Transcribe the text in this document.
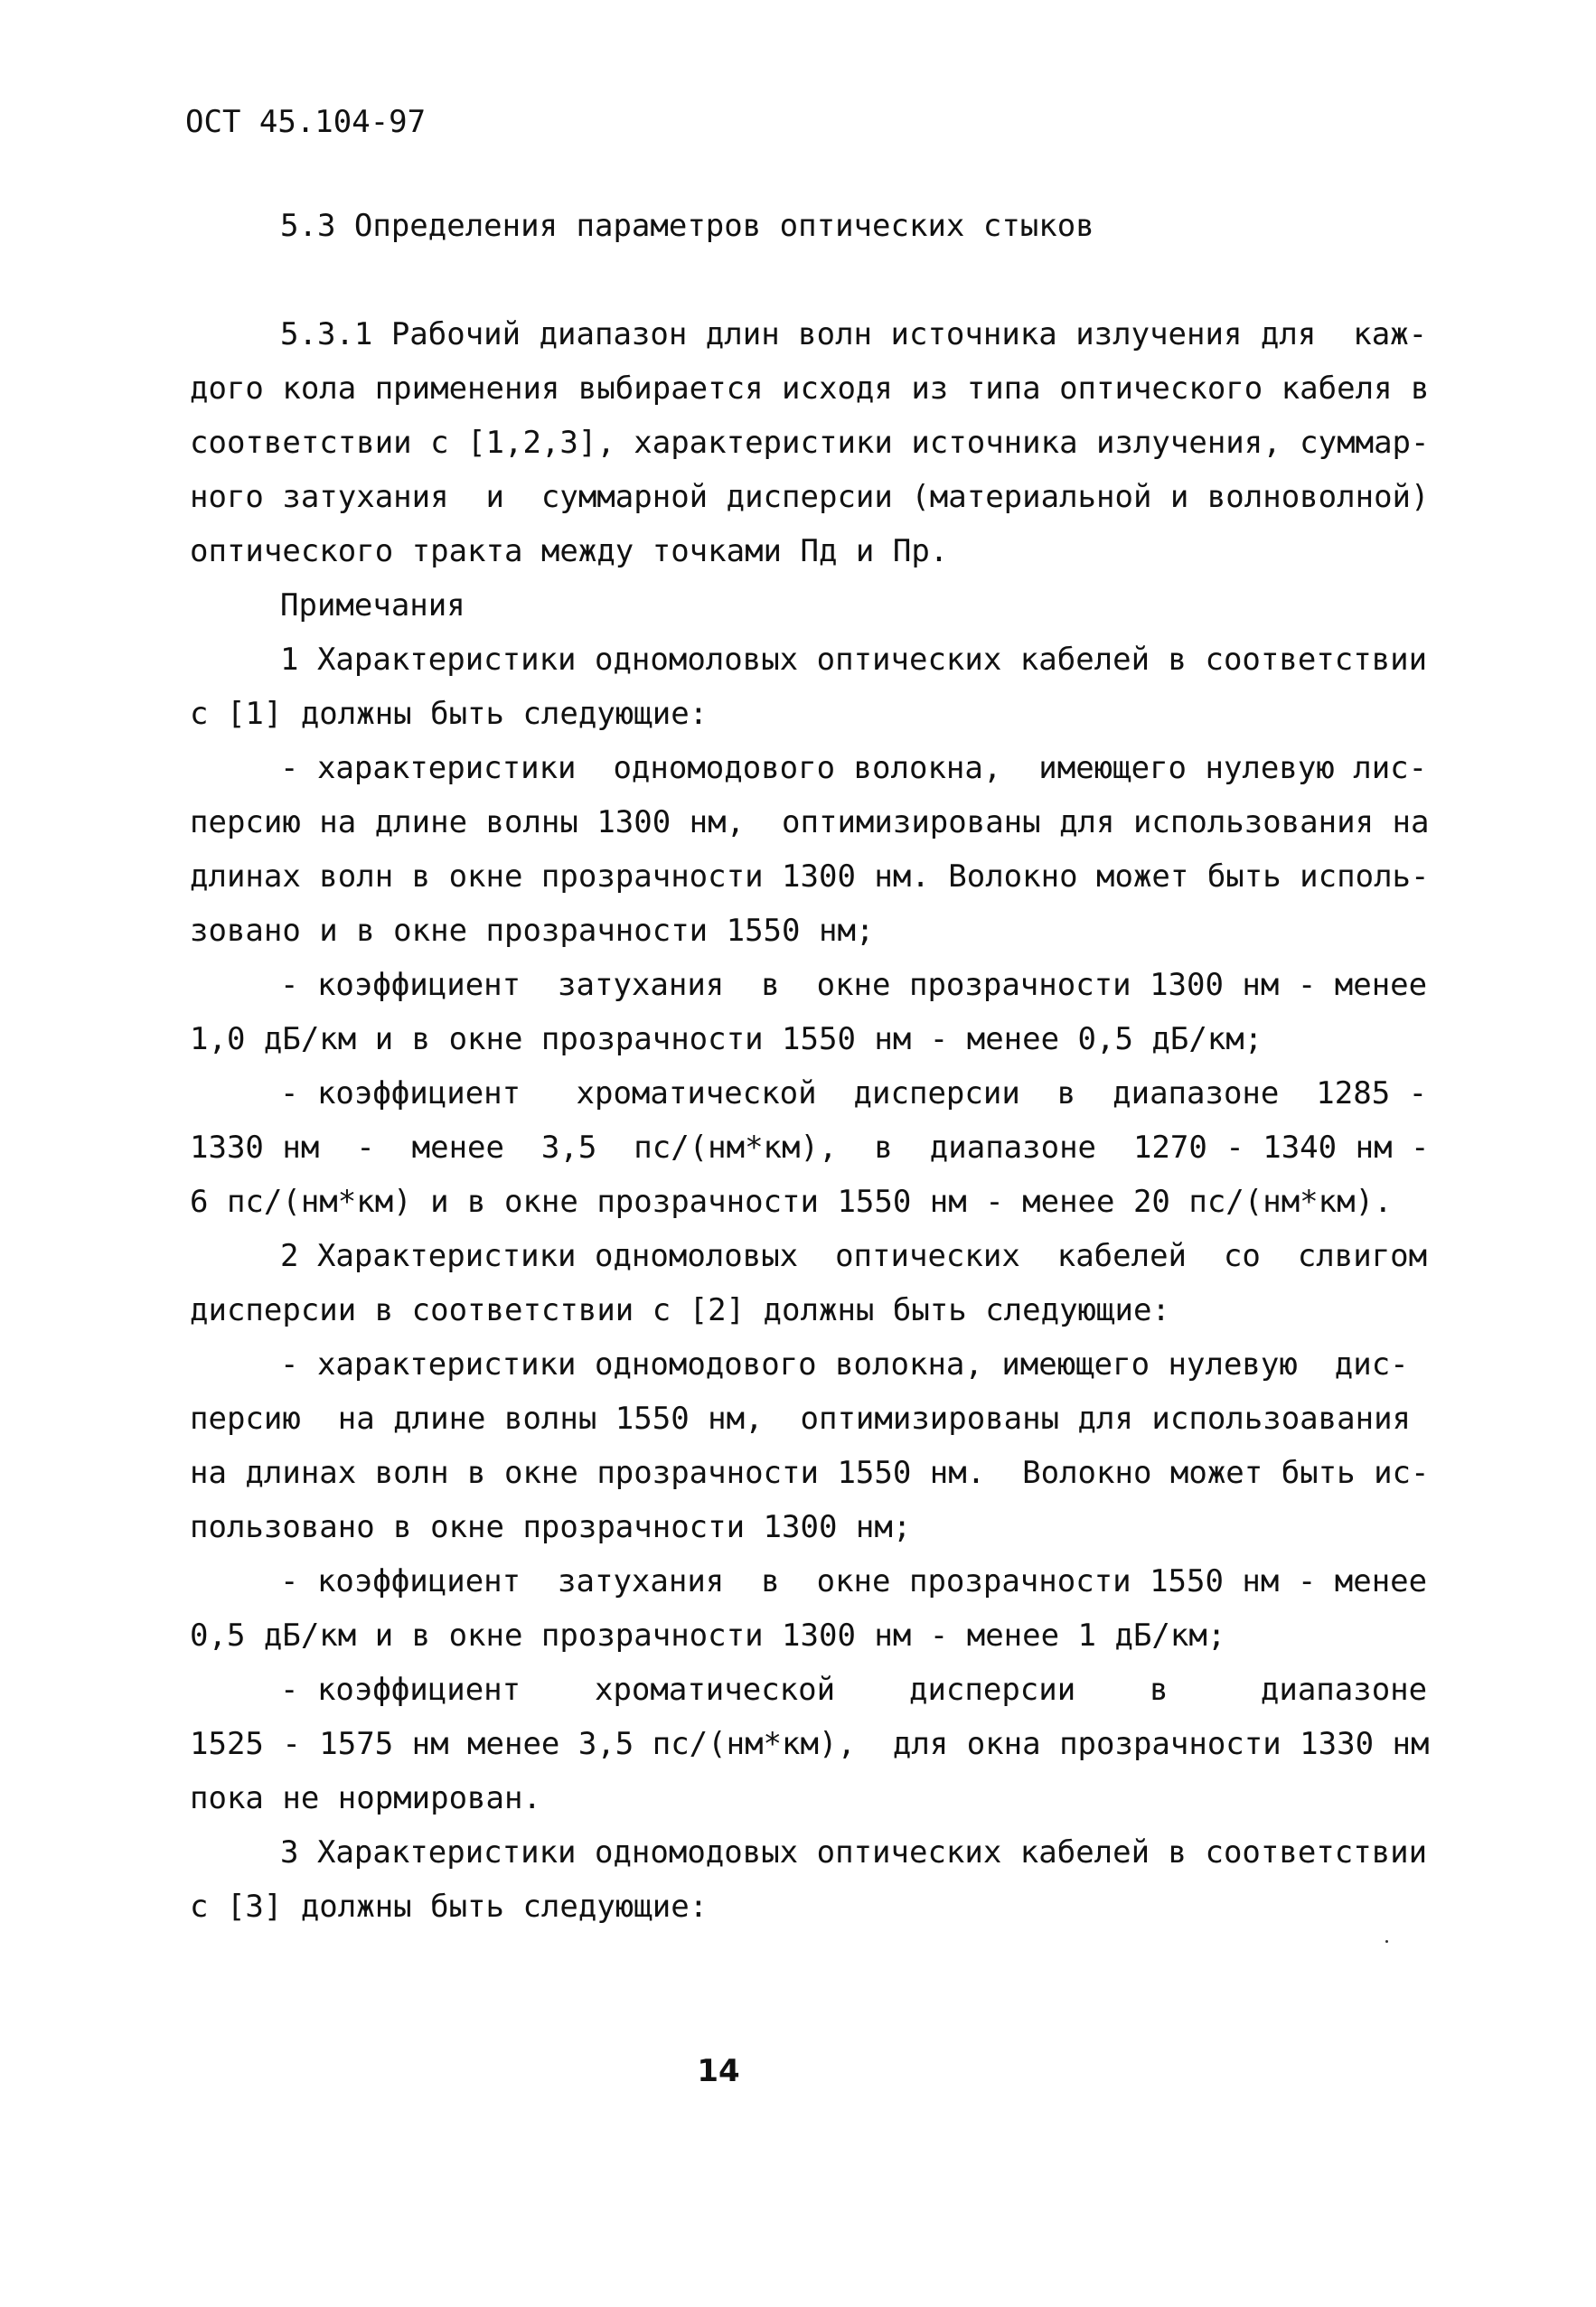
ОСТ 45.104-97
5.3 Определения параметров оптических стыков
5.3.1 Рабочий диапазон длин волн источника излучения для  каж-
дого кола применения выбирается исходя из типа оптического кабеля в
соответствии с [1,2,3], характеристики источника излучения, суммар-
ного затухания  и  суммарной дисперсии (материальной и волноволной)
оптического тракта между точками Пд и Пр.
Примечания
1 Характеристики одномоловых оптических кабелей в соответствии
с [1] должны быть следующие:
- характеристики  одномодового волокна,  имеющего нулевую лис-
персию на длине волны 1300 нм,  оптимизированы для использования на
длинах волн в окне прозрачности 1300 нм. Волокно может быть исполь-
зовано и в окне прозрачности 1550 нм;
- коэффициент  затухания  в  окне прозрачности 1300 нм - менее
1,0 дБ/км и в окне прозрачности 1550 нм - менее 0,5 дБ/км;
- коэффициент   хроматической  дисперсии  в  диапазоне  1285 -
1330 нм  -  менее  3,5  пс/(нм*км),  в  диапазоне  1270 - 1340 нм -
6 пс/(нм*км) и в окне прозрачности 1550 нм - менее 20 пс/(нм*км).
2 Характеристики одномоловых  оптических  кабелей  со  слвигом
дисперсии в соответствии с [2] должны быть следующие:
- характеристики одномодового волокна, имеющего нулевую  дис-
персию  на длине волны 1550 нм,  оптимизированы для использоавания
на длинах волн в окне прозрачности 1550 нм.  Волокно может быть ис-
пользовано в окне прозрачности 1300 нм;
- коэффициент  затухания  в  окне прозрачности 1550 нм - менее
0,5 дБ/км и в окне прозрачности 1300 нм - менее 1 дБ/км;
- коэффициент    хроматической    дисперсии    в     диапазоне
1525 - 1575 нм менее 3,5 пс/(нм*км),  для окна прозрачности 1330 нм
пока не нормирован.
3 Характеристики одномодовых оптических кабелей в соответствии
с [3] должны быть следующие:
14
